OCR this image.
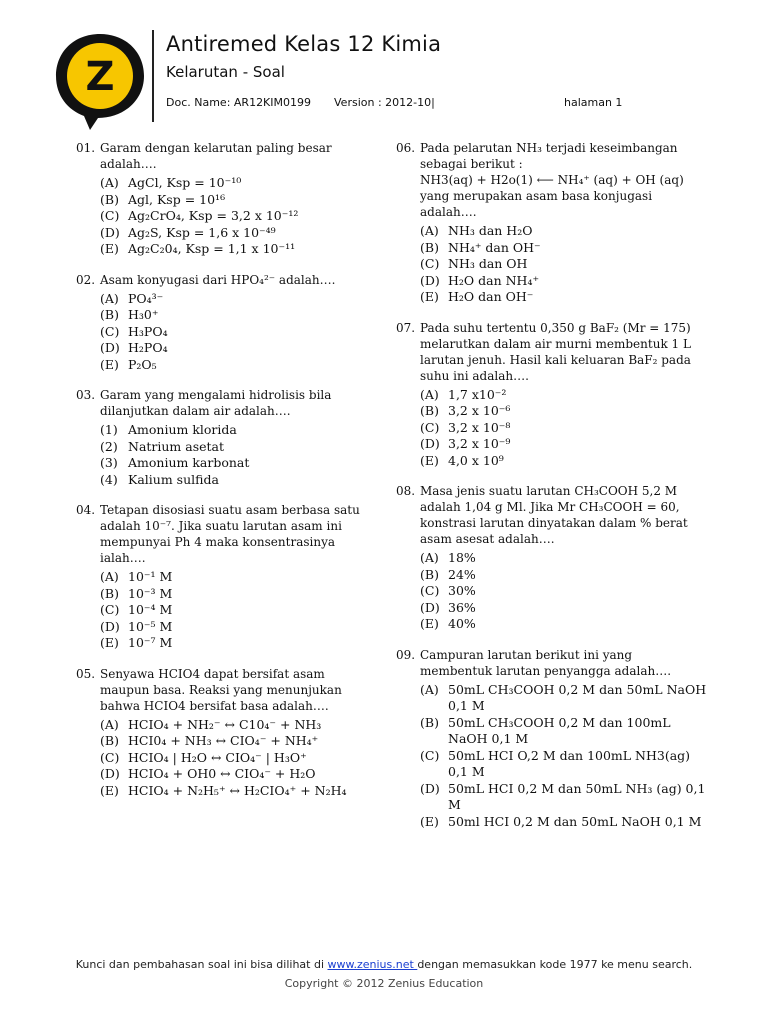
Z
Antiremed Kelas 12 Kimia
Kelarutan - Soal
Doc. Name: AR12KIM0199 Version : 2012-10|	halaman 1
01. Garam dengan kelarutan paling besar adalah….
(A) AgCl, Ksp = 10⁻¹⁰
(B) Agl, Ksp = 10¹⁶
(C) Ag₂CrO₄, Ksp = 3,2 x 10⁻¹²
(D) Ag₂S, Ksp = 1,6 x 10⁻⁴⁹
(E) Ag₂C₂0₄, Ksp = 1,1 x 10⁻¹¹
02. Asam konyugasi dari HPO₄²⁻ adalah….
(A) PO₄³⁻
(B) H₃0⁺
(C) H₃PO₄
(D) H₂PO₄
(E) P₂O₅
03. Garam yang mengalami hidrolisis bila dilanjutkan dalam air adalah….
(1) Amonium klorida
(2) Natrium asetat
(3) Amonium karbonat
(4) Kalium sulfida
04. Tetapan disosiasi suatu asam berbasa satu adalah 10⁻⁷. Jika suatu larutan asam ini mempunyai Ph 4 maka konsentrasinya ialah….
(A) 10⁻¹ M
(B) 10⁻³ M
(C) 10⁻⁴ M
(D) 10⁻⁵ M
(E) 10⁻⁷ M
05. Senyawa HCIO4 dapat bersifat asam maupun basa. Reaksi yang menunjukan bahwa HCIO4 bersifat basa adalah….
(A) HCIO₄ + NH₂⁻ ↔ C10₄⁻ + NH₃
(B) HCI0₄ + NH₃ ↔ CIO₄⁻ + NH₄⁺
(C) HCIO₄ | H₂O ↔ CIO₄⁻ | H₃O⁺
(D) HCIO₄ + OH0 ↔ CIO₄⁻ + H₂O
(E) HCIO₄ + N₂H₅⁺ ↔ H₂CIO₄⁺ + N₂H₄
06. Pada pelarutan NH₃ terjadi keseimbangan sebagai berikut :
NH3(aq) + H2o(1) ⟵ NH₄⁺ (aq) + OH (aq)
yang merupakan asam basa konjugasi adalah….
(A) NH₃ dan H₂O
(B) NH₄⁺ dan OH⁻
(C) NH₃ dan OH
(D) H₂O dan NH₄⁺
(E) H₂O dan OH⁻
07. Pada suhu tertentu 0,350 g BaF₂ (Mr = 175) melarutkan dalam air murni membentuk 1 L larutan jenuh. Hasil kali keluaran BaF₂ pada suhu ini adalah….
(A) 1,7 x10⁻²
(B) 3,2 x 10⁻⁶
(C) 3,2 x 10⁻⁸
(D) 3,2 x 10⁻⁹
(E) 4,0 x 10⁹
08. Masa jenis suatu larutan CH₃COOH 5,2 M adalah 1,04 g Ml. Jika Mr CH₃COOH = 60, konstrasi larutan dinyatakan dalam % berat asam asesat adalah….
(A) 18%
(B) 24%
(C) 30%
(D) 36%
(E) 40%
09. Campuran larutan berikut ini yang membentuk larutan penyangga adalah….
(A) 50mL CH₃COOH 0,2 M dan 50mL NaOH 0,1 M
(B) 50mL CH₃COOH 0,2 M dan 100mL NaOH 0,1 M
(C) 50mL HCI O,2 M dan 100mL NH3(ag) 0,1 M
(D) 50mL HCI 0,2 M dan 50mL NH₃ (ag) 0,1 M
(E) 50ml HCI 0,2 M dan 50mL NaOH 0,1 M
Kunci dan pembahasan soal ini bisa dilihat di www.zenius.net dengan memasukkan kode 1977 ke menu search.
Copyright © 2012 Zenius Education
